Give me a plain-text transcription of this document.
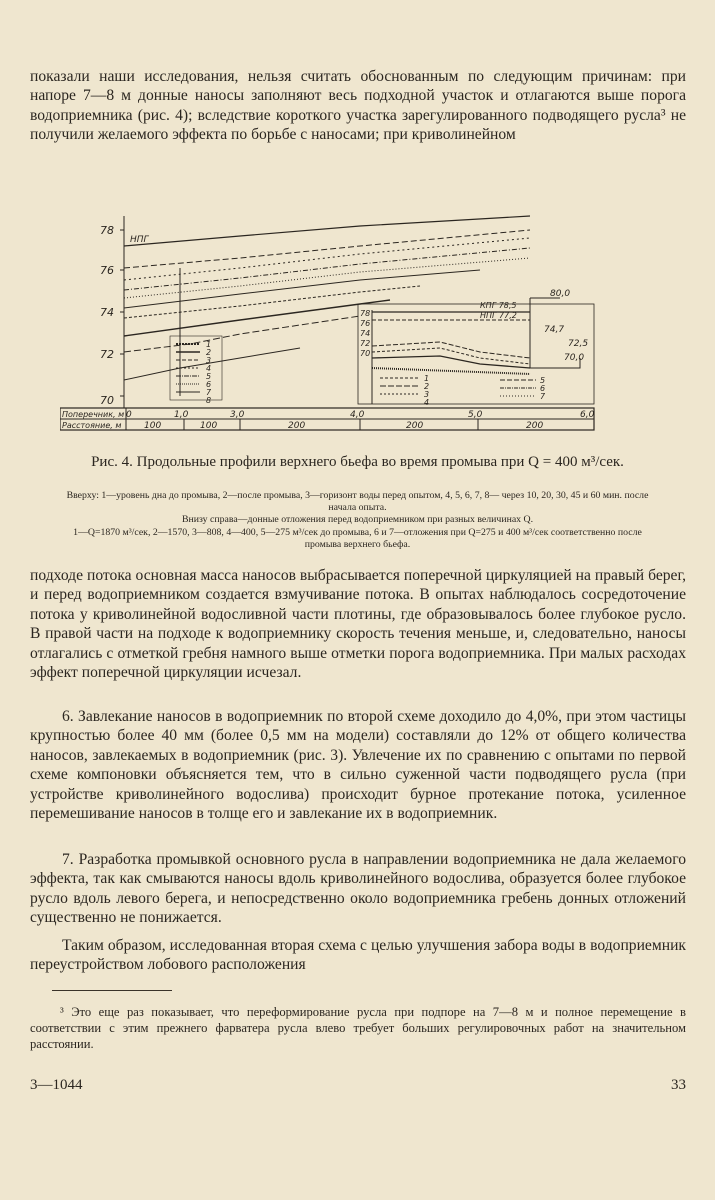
показали наши исследования, нельзя считать обоснованным по следующим причинам: при напоре 7—8 м донные наносы заполняют весь подходной участок и отлагаются выше порога водоприемника (рис. 4); вследствие короткого участка зарегулированного подводящего русла³ не получили желаемого эффекта по борьбе с наносами; при криволинейном

78
76
74
72
70
НПГ
Поперечник, м
Расстояние, м
0	1,0	3,0	4,0	5,0	6,0
100	100	200	200	200
1
2
3
4
5
6
7
8
78
76
74
72
70
КПГ 78,5
НПГ 77,2
80,0
74,7
72,5
70,0
1
2
3
4
5
6
7

Рис. 4. Продольные профили верхнего бьефа во время промыва при Q = 400 м³/сек.

Вверху: 1—уровень дна до промыва, 2—после промыва, 3—горизонт воды перед опытом, 4, 5, 6, 7, 8— через 10, 20, 30, 45 и 60 мин. после начала опыта.
Внизу справа—донные отложения перед водоприемником при разных величинах Q.
1—Q=1870 м³/сек, 2—1570, 3—808, 4—400, 5—275 м³/сек до промыва, 6 и 7—отложения при Q=275 и 400 м³/сек соответственно после промыва верхнего бьефа.

подходе потока основная масса наносов выбрасывается поперечной циркуляцией на правый берег, и перед водоприемником создается взмучивание потока. В опытах наблюдалось сосредоточение потока у криволинейной водосливной части плотины, где образовывалось более глубокое русло. В правой части на подходе к водоприемнику скорость течения меньше, и, следовательно, наносы отлагались с отметкой гребня намного выше отметки порога водоприемника. При малых расходах эффект поперечной циркуляции исчезал.

6. Завлекание наносов в водоприемник по второй схеме доходило до 4,0%, при этом частицы крупностью более 40 мм (более 0,5 мм на модели) составляли до 12% от общего количества наносов, завлекаемых в водоприемник (рис. 3). Увлечение их по сравнению с опытами по первой схеме компоновки объясняется тем, что в сильно суженной части подводящего русла (при устройстве криволинейного водослива) происходит бурное протекание потока, усиленное перемешивание наносов в толще его и завлекание их в водоприемник.

7. Разработка промывкой основного русла в направлении водоприемника не дала желаемого эффекта, так как смываются наносы вдоль криволинейного водослива, образуется более глубокое русло вдоль левого берега, и непосредственно около водоприемника гребень донных отложений существенно не понижается.

Таким образом, исследованная вторая схема с целью улучшения забора воды в водоприемник переустройством лобового расположения

³ Это еще раз показывает, что переформирование русла при подпоре на 7—8 м и полное перемещение в соответствии с этим прежнего фарватера русла влево требует больших регулировочных работ на значительном расстоянии.

3—1044	33
